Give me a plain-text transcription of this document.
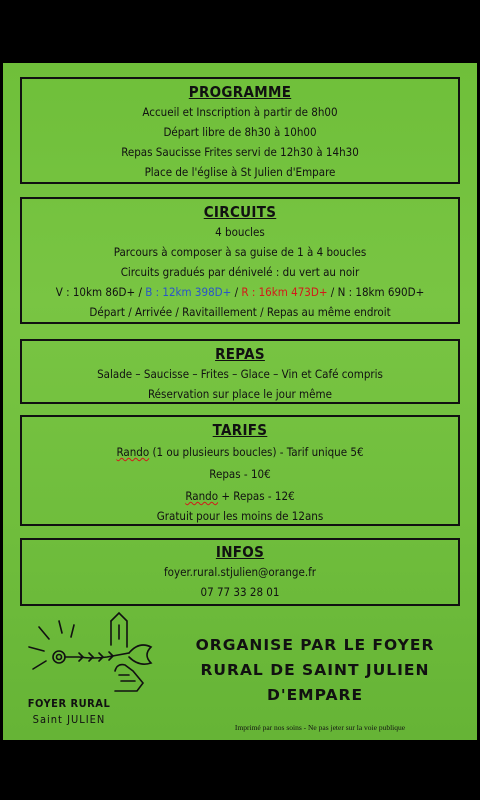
PROGRAMME

Accueil et Inscription à partir de 8h00
Départ libre de 8h30 à 10h00
Repas Saucisse Frites servi de 12h30 à 14h30
Place de l'église à St Julien d'Empare

CIRCUITS

4 boucles
Parcours à composer à sa guise de 1 à 4 boucles
Circuits gradués par dénivelé : du vert au noir
V : 10km 86D+ / B : 12km 398D+ / R : 16km 473D+ / N : 18km 690D+
Départ / Arrivée / Ravitaillement / Repas au même endroit

REPAS

Salade – Saucisse – Frites – Glace – Vin et Café compris
Réservation sur place le jour même

TARIFS

Rando (1 ou plusieurs boucles) - Tarif unique 5€
Repas - 10€
Rando + Repas - 12€
Gratuit pour les moins de 12ans

INFOS

foyer.rural.stjulien@orange.fr
07 77 33 28 01
FOYER RURAL
Saint JULIEN
ORGANISE PAR LE FOYER
RURAL DE SAINT JULIEN
D'EMPARE
Imprimé par nos soins - Ne pas jeter sur la voie publique
